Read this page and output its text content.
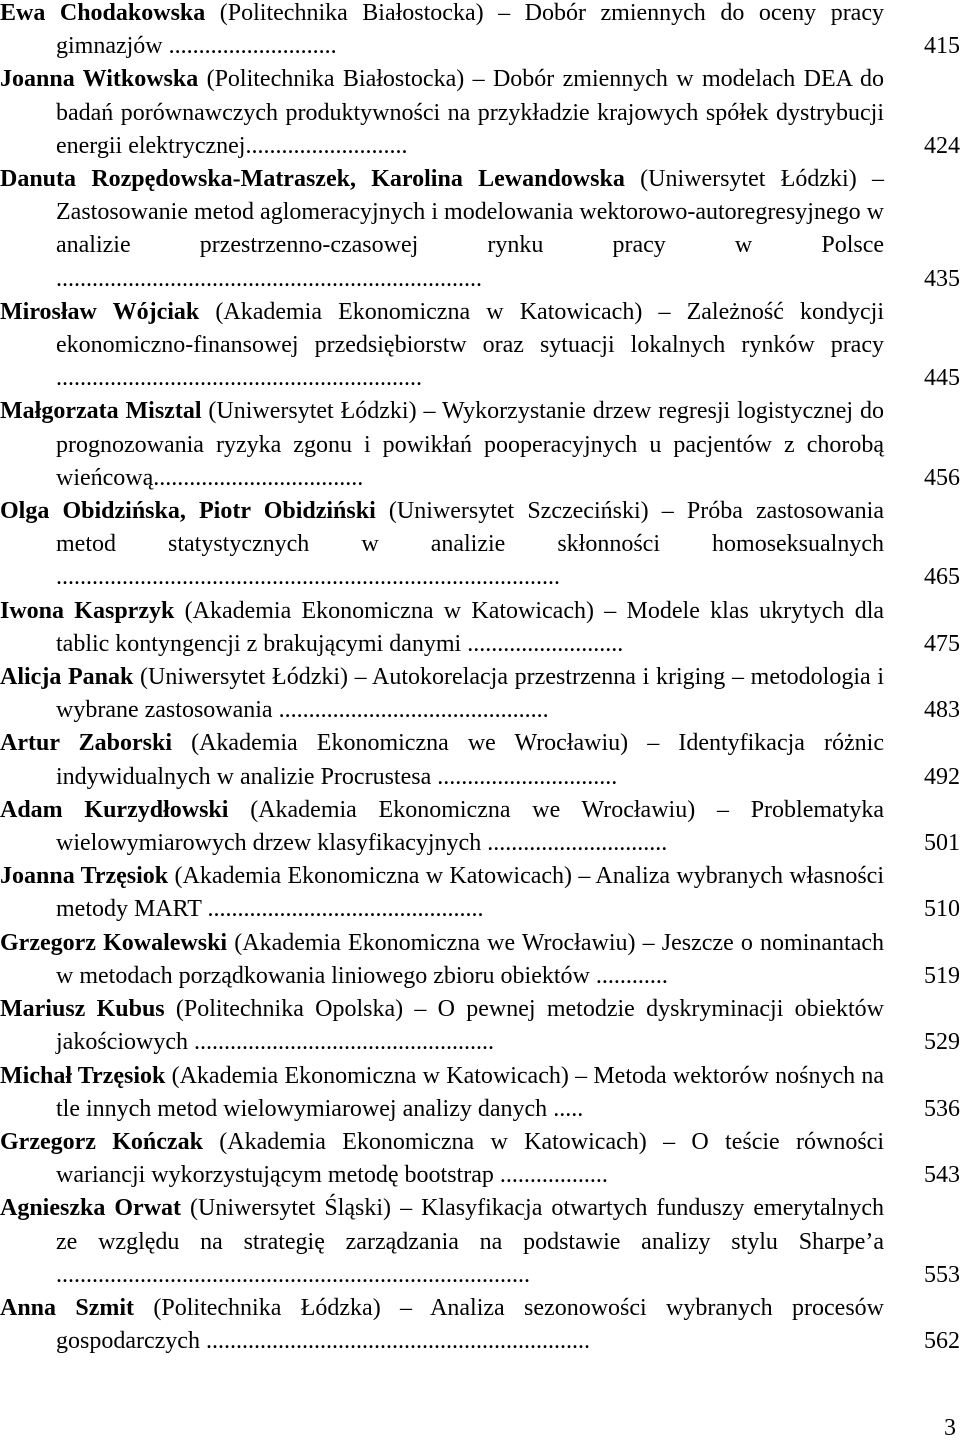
Ewa Chodakowska (Politechnika Białostocka) – Dobór zmiennych do oceny pracy gimnazjów ............................	415
Joanna Witkowska (Politechnika Białostocka) – Dobór zmiennych w modelach DEA do badań porównawczych produktywności na przykładzie krajowych spółek dystrybucji energii elektrycznej...........................	424
Danuta Rozpędowska-Matraszek, Karolina Lewandowska (Uniwersytet Łódzki) – Zastosowanie metod aglomeracyjnych i modelowania wektorowo-autoregresyjnego w analizie przestrzenno-czasowej rynku pracy w Polsce .......................................................................	435
Mirosław Wójciak (Akademia Ekonomiczna w Katowicach) – Zależność kondycji ekonomiczno-finansowej przedsiębiorstw oraz sytuacji lokalnych rynków pracy .............................................................	445
Małgorzata Misztal (Uniwersytet Łódzki) – Wykorzystanie drzew regresji logistycznej do prognozowania ryzyka zgonu i powikłań pooperacyjnych u pacjentów z chorobą wieńcową...................................	456
Olga Obidzińska, Piotr Obidziński (Uniwersytet Szczeciński) – Próba zastosowania metod statystycznych w analizie skłonności homoseksualnych ....................................................................................	465
Iwona Kasprzyk (Akademia Ekonomiczna w Katowicach) – Modele klas ukrytych dla tablic kontyngencji z brakującymi danymi ..........................	475
Alicja Panak (Uniwersytet Łódzki) – Autokorelacja przestrzenna i kriging – metodologia i wybrane zastosowania .............................................	483
Artur Zaborski (Akademia Ekonomiczna we Wrocławiu) – Identyfikacja różnic indywidualnych w analizie Procrustesa ..............................	492
Adam Kurzydłowski (Akademia Ekonomiczna we Wrocławiu) – Problematyka wielowymiarowych drzew klasyfikacyjnych ..............................	501
Joanna Trzęsiok (Akademia Ekonomiczna w Katowicach) – Analiza wybranych własności metody MART ..............................................	510
Grzegorz Kowalewski (Akademia Ekonomiczna we Wrocławiu) – Jeszcze o nominantach w metodach porządkowania liniowego zbioru obiektów ............	519
Mariusz Kubus (Politechnika Opolska) – O pewnej metodzie dyskryminacji obiektów jakościowych ..................................................	529
Michał Trzęsiok (Akademia Ekonomiczna w Katowicach) – Metoda wektorów nośnych na tle innych metod wielowymiarowej analizy danych .....	536
Grzegorz Kończak (Akademia Ekonomiczna w Katowicach) – O teście równości wariancji wykorzystującym metodę bootstrap ..................	543
Agnieszka Orwat (Uniwersytet Śląski) – Klasyfikacja otwartych funduszy emerytalnych ze względu na strategię zarządzania na podstawie analizy stylu Sharpe’a ...............................................................................	553
Anna Szmit (Politechnika Łódzka) – Analiza sezonowości wybranych procesów gospodarczych ................................................................	562
3
